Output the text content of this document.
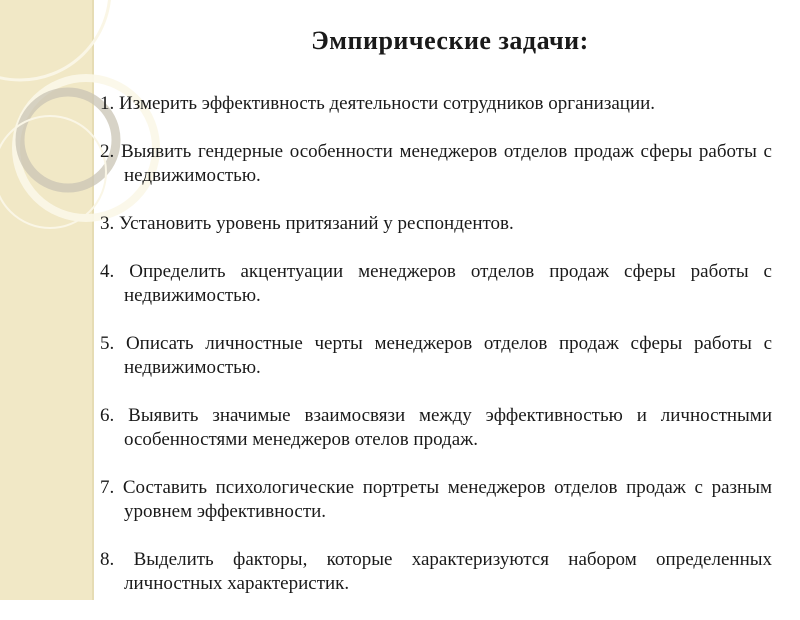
Эмпирические задачи:
1. Измерить эффективность деятельности сотрудников организации.
2. Выявить гендерные особенности менеджеров отделов продаж сферы работы с недвижимостью.
3. Установить уровень притязаний у респондентов.
4. Определить акцентуации менеджеров отделов продаж сферы работы с недвижимостью.
5. Описать личностные черты менеджеров отделов продаж сферы работы с недвижимостью.
6. Выявить значимые взаимосвязи между эффективностью и личностными особенностями менеджеров отелов продаж.
7. Составить психологические портреты менеджеров отделов продаж с разным уровнем эффективности.
8. Выделить факторы, которые характеризуются набором определенных личностных характеристик.
